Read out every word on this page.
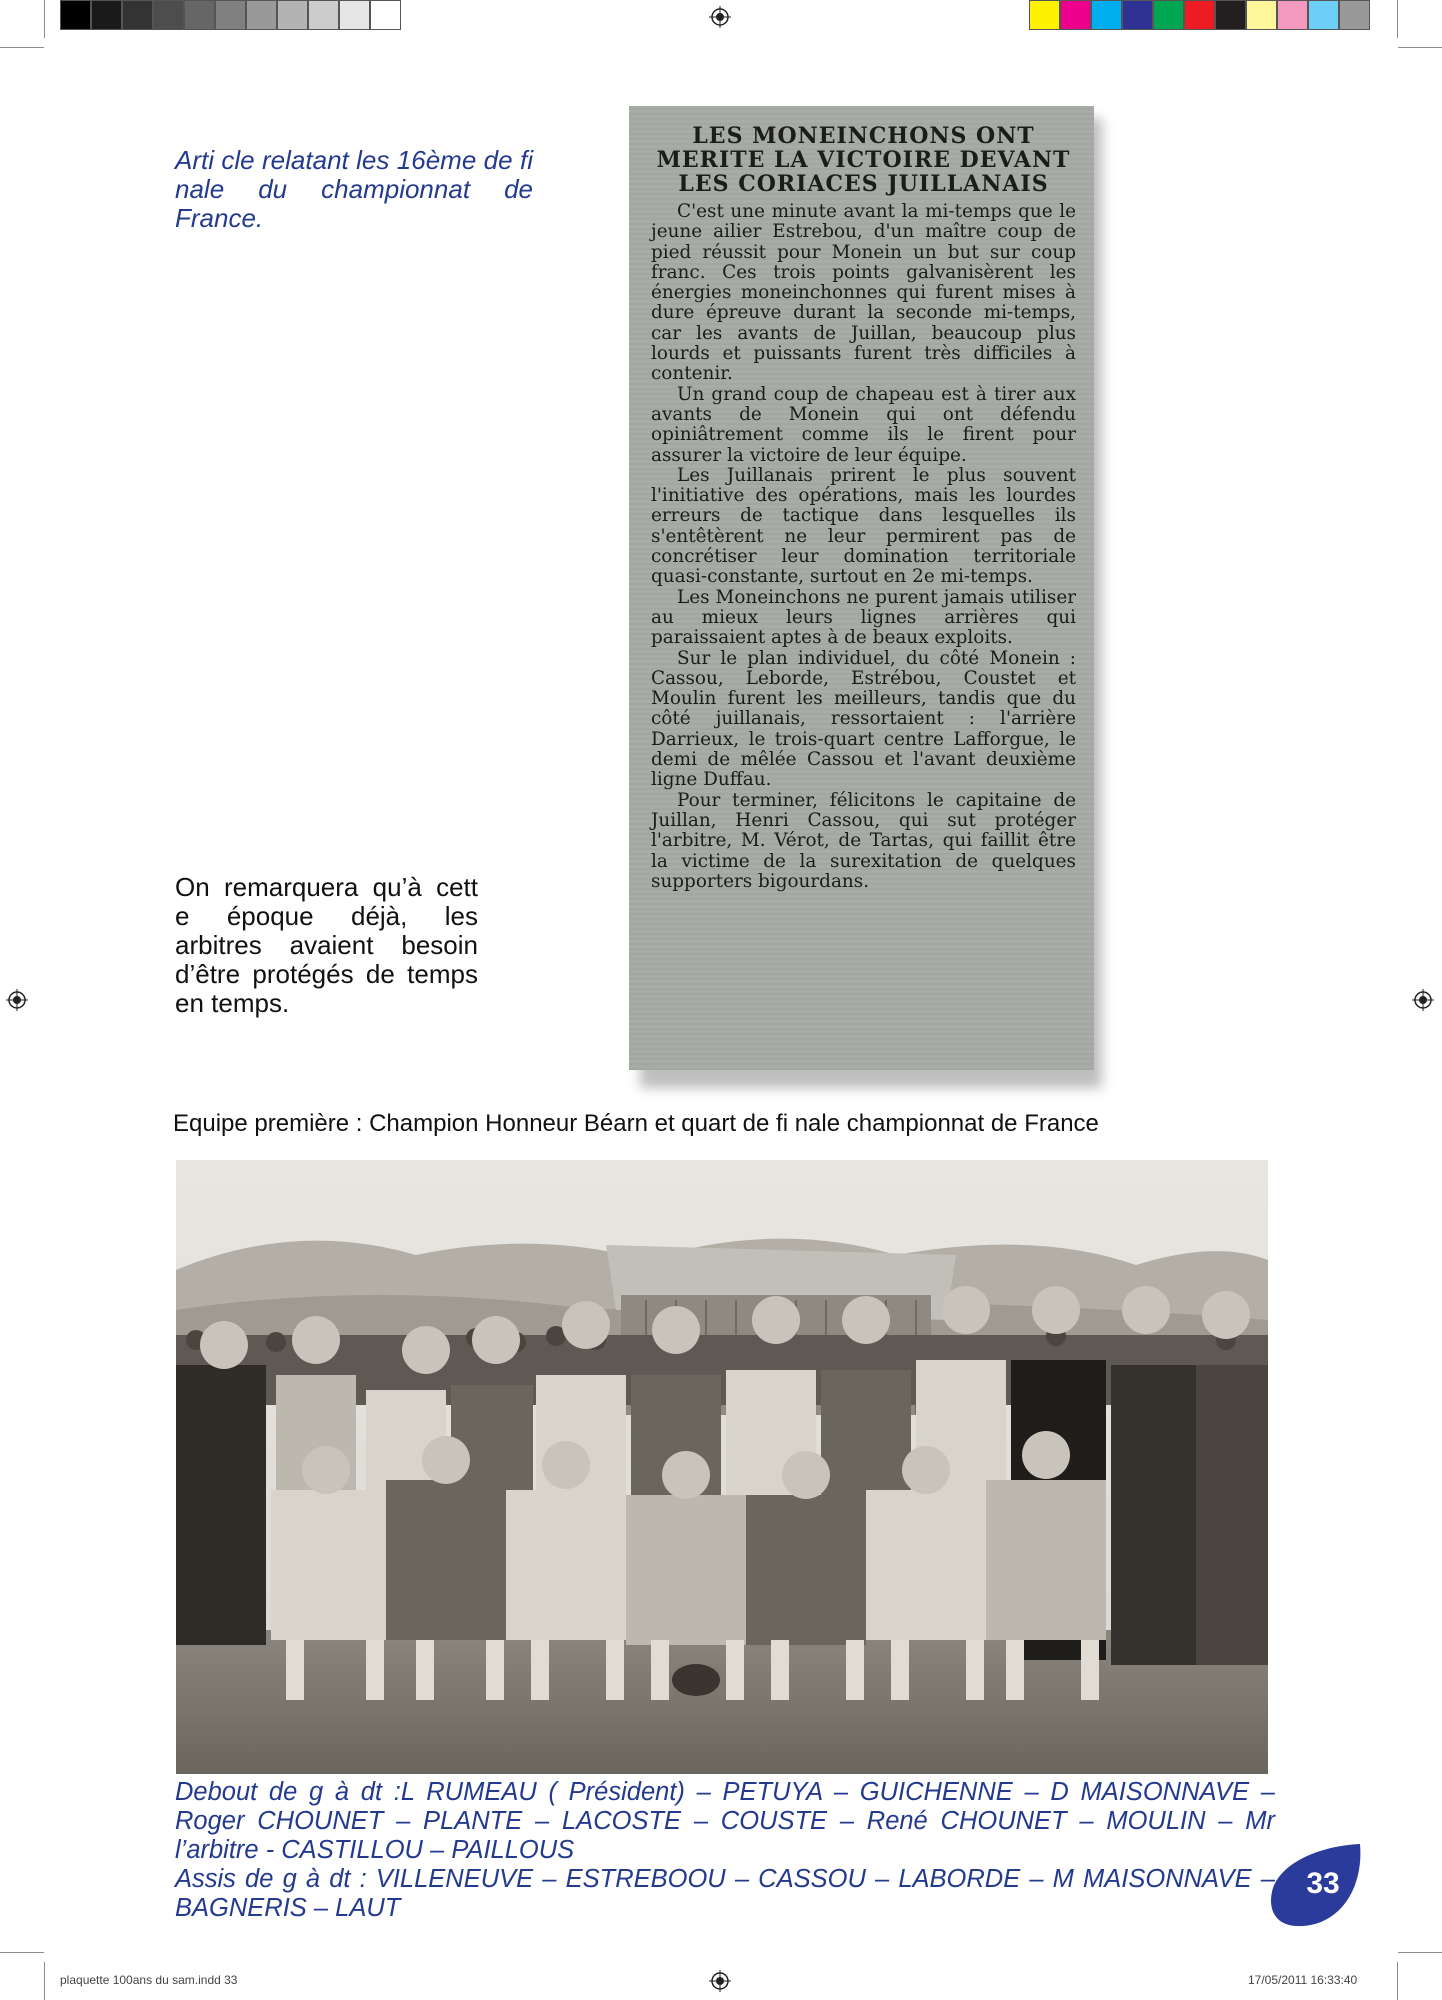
Arti cle relatant les 16ème de fi nale du championnat de France.
LES MONEINCHONS ONT MERITE LA VICTOIRE DEVANT LES CORIACES JUILLANAIS

C'est une minute avant la mi-temps que le jeune ailier Estrebou, d'un maître coup de pied réussit pour Monein un but sur coup franc. Ces trois points galvanisèrent les énergies moneinchonnes qui furent mises à dure épreuve durant la seconde mi-temps, car les avants de Juillan, beaucoup plus lourds et puissants furent très difficiles à contenir.

Un grand coup de chapeau est à tirer aux avants de Monein qui ont défendu opiniâtrement comme ils le firent pour assurer la victoire de leur équipe.

Les Juillanais prirent le plus souvent l'initiative des opérations, mais les lourdes erreurs de tactique dans lesquelles ils s'entêtèrent ne leur permirent pas de concrétiser leur domination territoriale quasi-constante, surtout en 2e mi-temps.

Les Moneinchons ne purent jamais utiliser au mieux leurs lignes arrières qui paraissaient aptes à de beaux exploits.

Sur le plan individuel, du côté Monein : Cassou, Leborde, Estrébou, Coustet et Moulin furent les meilleurs, tandis que du côté juillanais, ressortaient : l'arrière Darrieux, le trois-quart centre Lafforgue, le demi de mêlée Cassou et l'avant deuxième ligne Duffau.

Pour terminer, félicitons le capitaine de Juillan, Henri Cassou, qui sut protéger l'arbitre, M. Vérot, de Tartas, qui faillit être la victime de la surexitation de quelques supporters bigourdans.

On remarquera qu’à cett e époque déjà, les arbitres avaient besoin d’être protégés de temps en temps.
Equipe première : Champion Honneur Béarn et quart de fi nale championnat de France

Debout de g à dt :L RUMEAU ( Président) – PETUYA – GUICHENNE – D MAISONNAVE – Roger CHOUNET – PLANTE – LACOSTE – COUSTE – René CHOUNET – MOULIN – Mr l’arbitre - CASTILLOU – PAILLOUS

Assis de g à dt : VILLENEUVE – ESTREBOOU – CASSOU – LABORDE – M MAISONNAVE – BAGNERIS – LAUT

33
plaquette 100ans du sam.indd 33	17/05/2011 16:33:40
